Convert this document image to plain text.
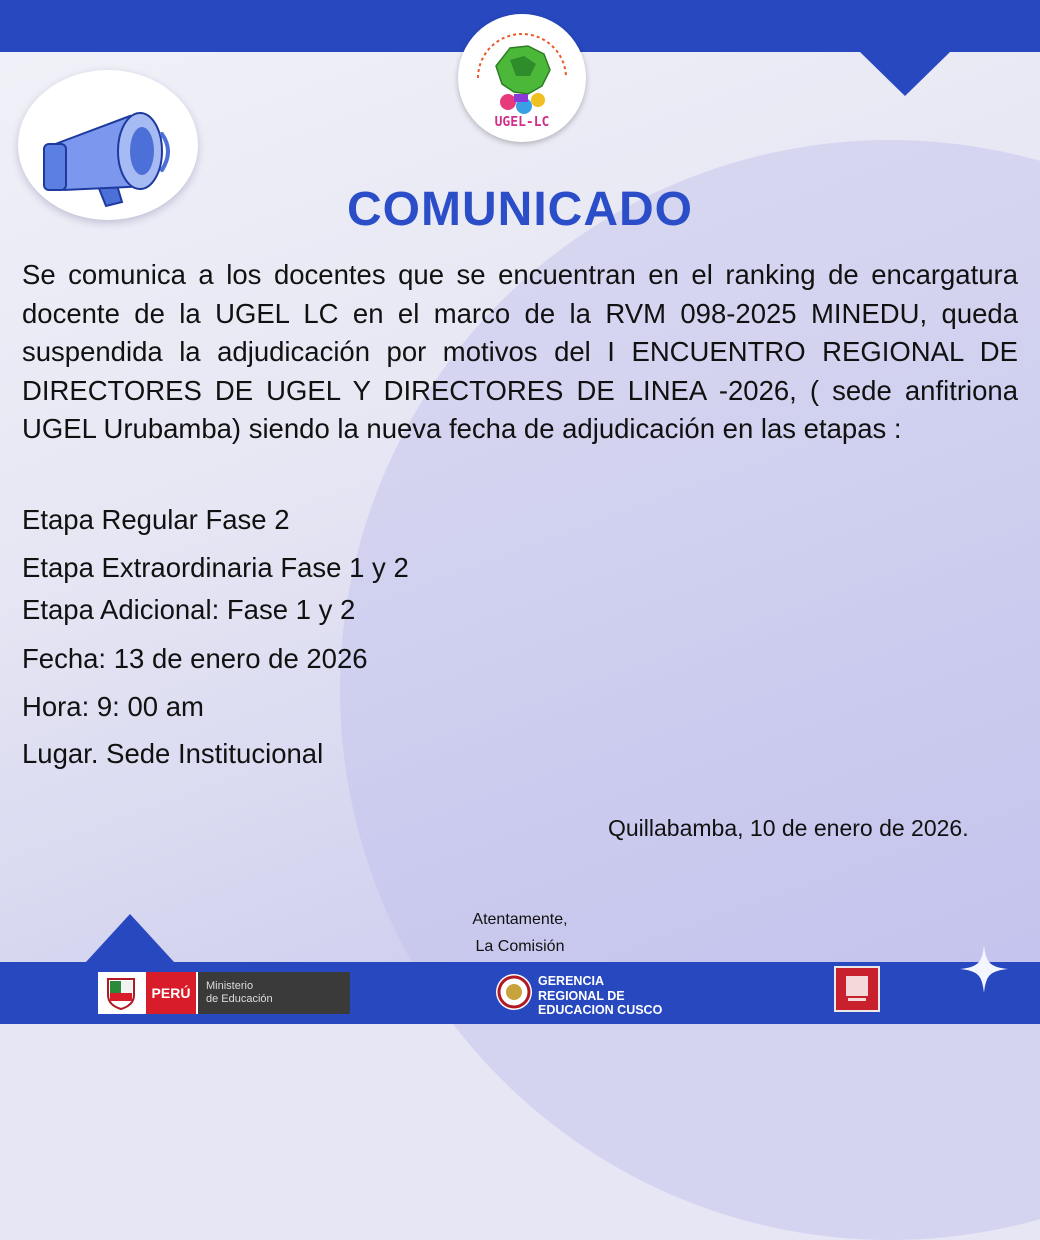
UGEL-LC
COMUNICADO
Se comunica a los docentes que se encuentran en el ranking de encargatura docente de la UGEL LC en el marco de la RVM 098-2025 MINEDU, queda suspendida la adjudicación por motivos del I ENCUENTRO REGIONAL DE DIRECTORES DE UGEL Y DIRECTORES DE LINEA -2026, ( sede anfitriona UGEL Urubamba) siendo la nueva fecha de adjudicación en las etapas :
Etapa Regular Fase 2
Etapa Extraordinaria Fase 1 y 2
Etapa Adicional: Fase 1 y 2
Fecha: 13 de enero de 2026
Hora: 9: 00 am
Lugar. Sede Institucional
Quillabamba, 10 de enero de 2026.
Atentamente,
La Comisión
PERÚ	Ministerio
de Educación
GERENCIA
REGIONAL DE
EDUCACION CUSCO
